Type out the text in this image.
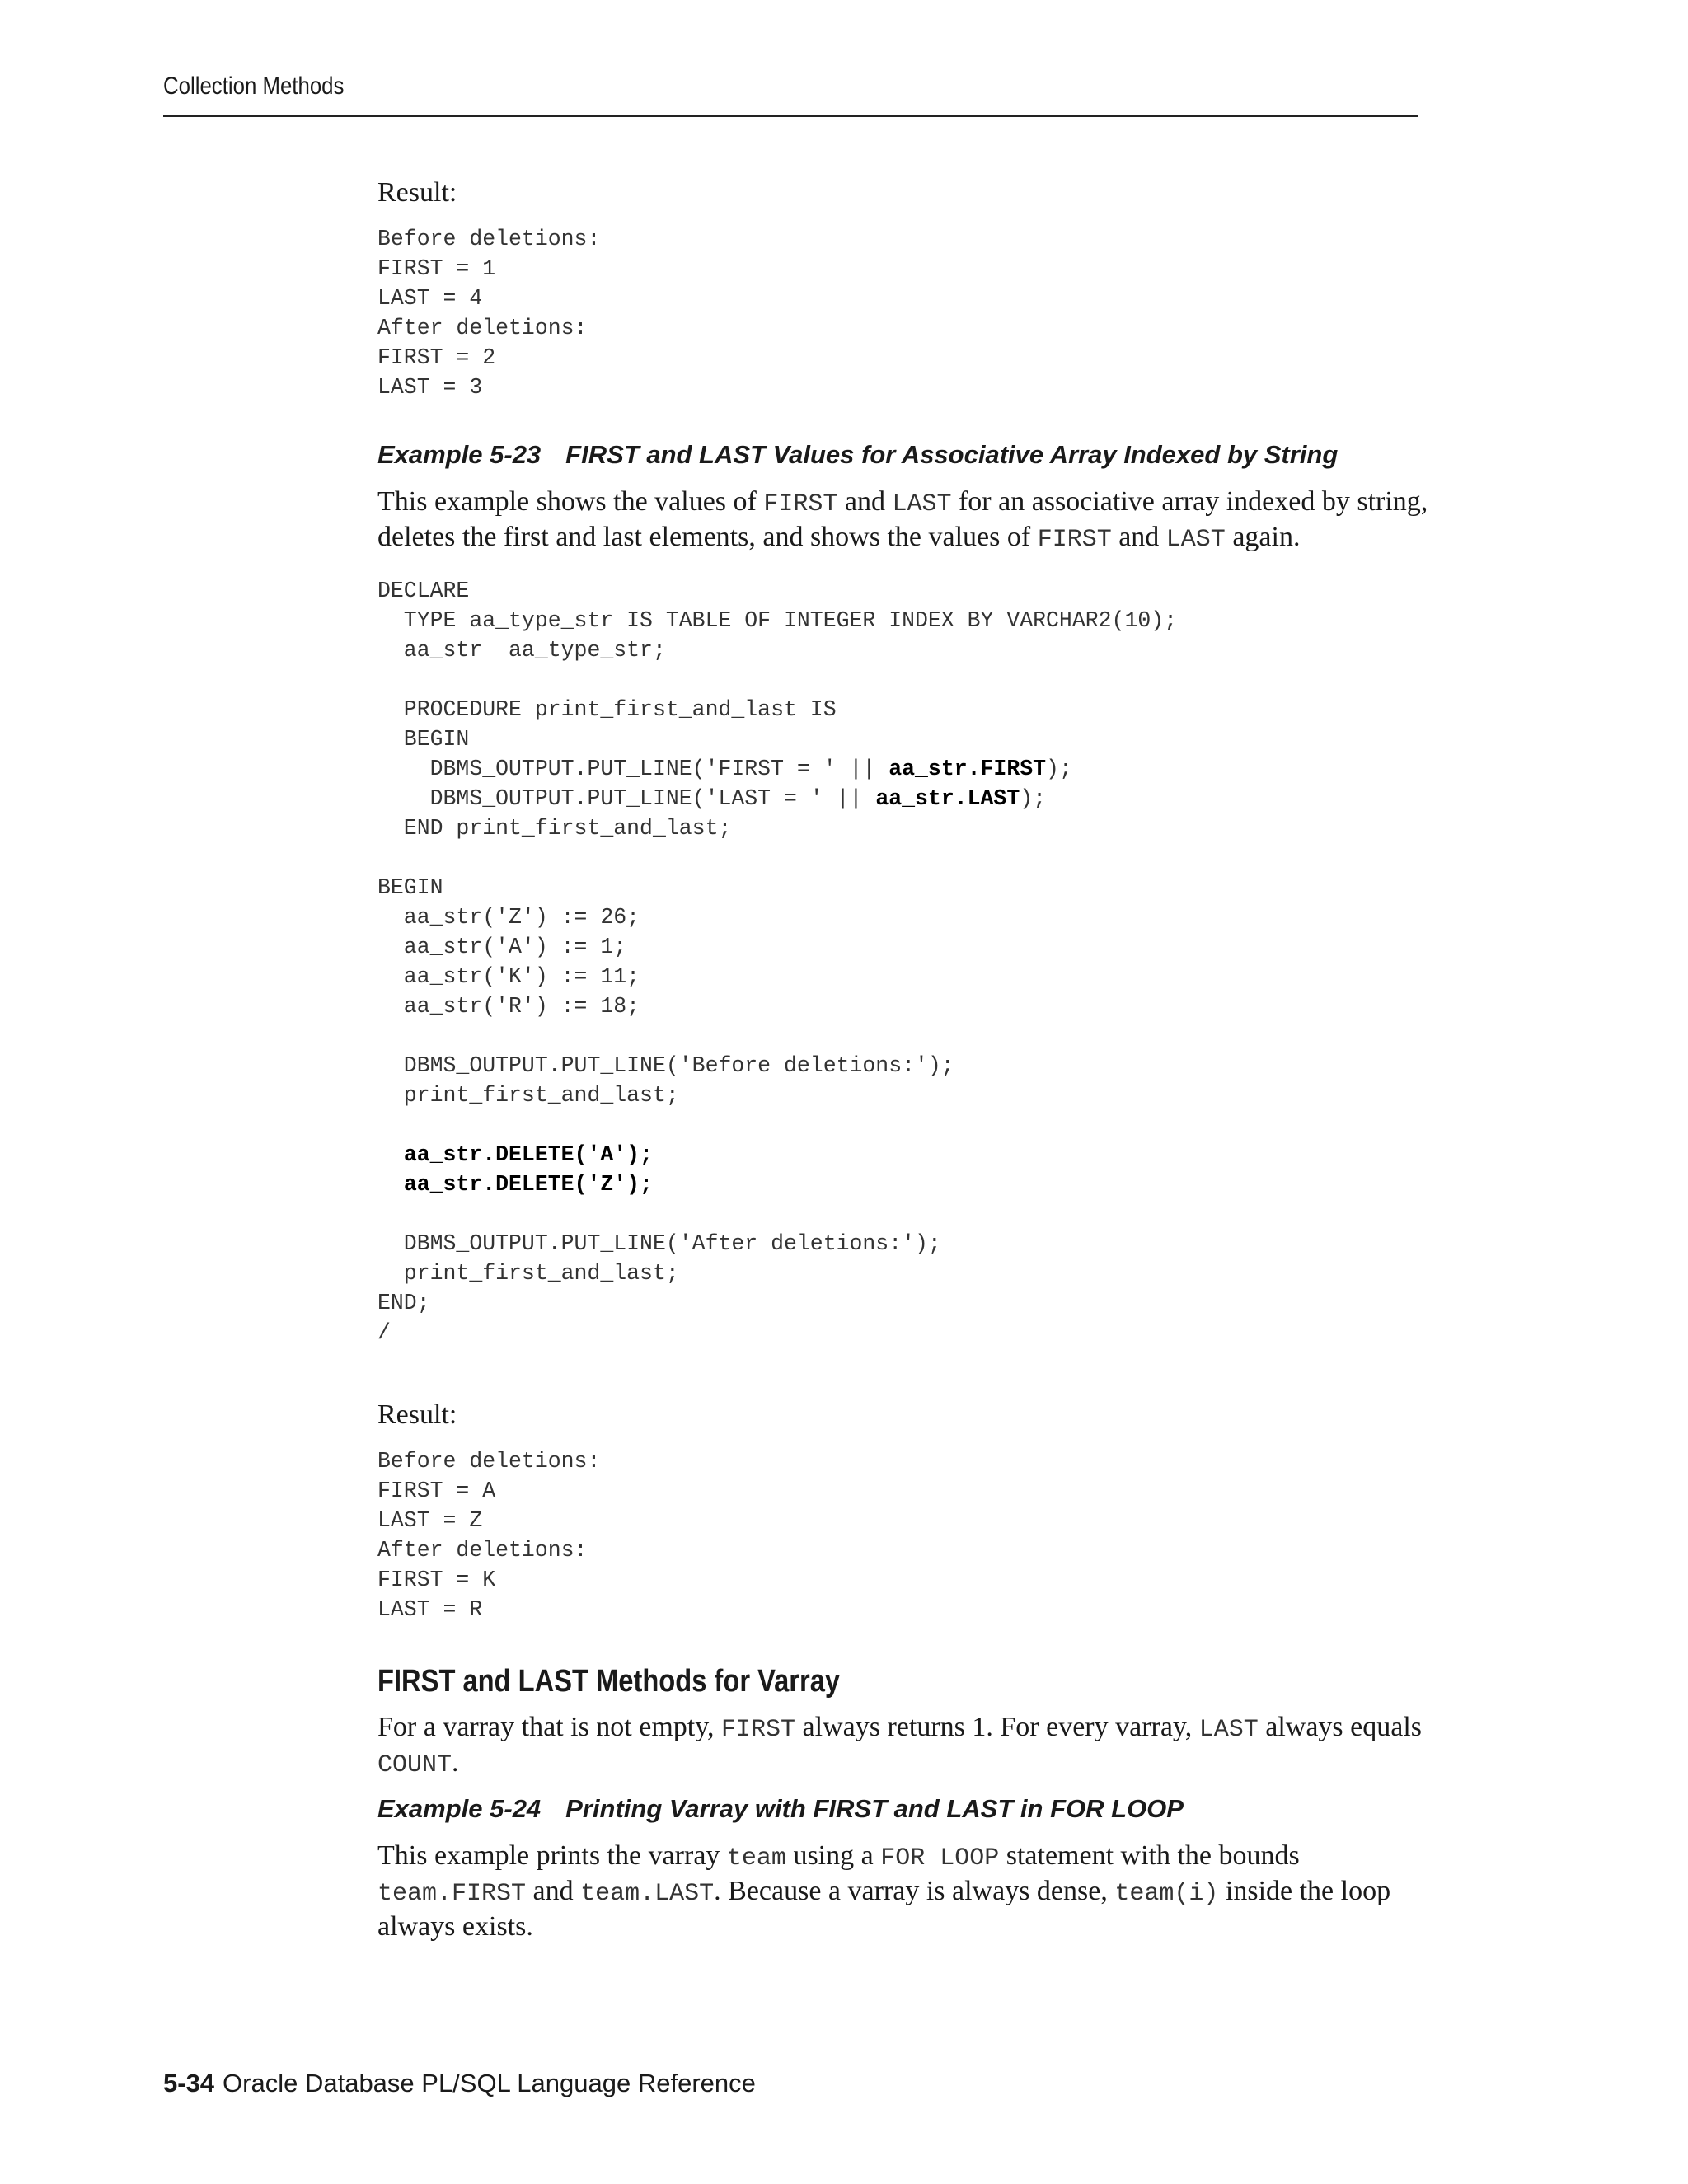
Collection Methods

Result:

Before deletions:
FIRST = 1
LAST = 4
After deletions:
FIRST = 2
LAST = 3

Example 5-23 FIRST and LAST Values for Associative Array Indexed by String

This example shows the values of FIRST and LAST for an associative array indexed by string, deletes the first and last elements, and shows the values of FIRST and LAST again.

DECLARE
TYPE aa_type_str IS TABLE OF INTEGER INDEX BY VARCHAR2(10);
aa_str  aa_type_str;

PROCEDURE print_first_and_last IS
BEGIN
DBMS_OUTPUT.PUT_LINE('FIRST = ' || aa_str.FIRST);
DBMS_OUTPUT.PUT_LINE('LAST = ' || aa_str.LAST);
END print_first_and_last;

BEGIN
aa_str('Z') := 26;
aa_str('A') := 1;
aa_str('K') := 11;
aa_str('R') := 18;

DBMS_OUTPUT.PUT_LINE('Before deletions:');
print_first_and_last;

aa_str.DELETE('A');
aa_str.DELETE('Z');

DBMS_OUTPUT.PUT_LINE('After deletions:');
print_first_and_last;
END;
/

Result:

Before deletions:
FIRST = A
LAST = Z
After deletions:
FIRST = K
LAST = R
FIRST and LAST Methods for Varray

For a varray that is not empty, FIRST always returns 1. For every varray, LAST always equals COUNT.

Example 5-24 Printing Varray with FIRST and LAST in FOR LOOP

This example prints the varray team using a FOR LOOP statement with the bounds team.FIRST and team.LAST. Because a varray is always dense, team(i) inside the loop always exists.

5-34 Oracle Database PL/SQL Language Reference
